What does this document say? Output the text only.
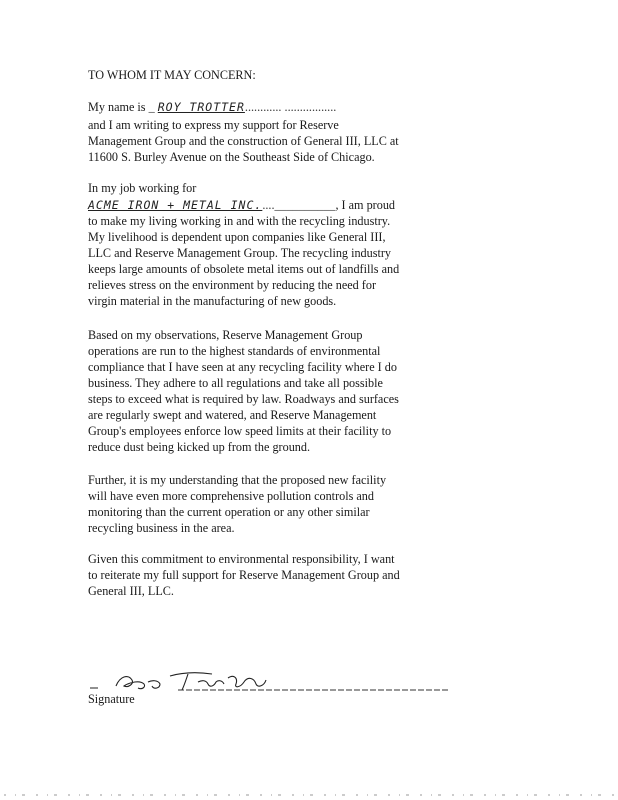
TO WHOM IT MAY CONCERN:
My name is _ ROY TROTTER............ .................
and I am writing to express my support for Reserve
Management Group and the construction of General III, LLC at
11600 S. Burley Avenue on the Southeast Side of Chicago.
In my job working for
ACME IRON + METAL INC.....__________, I am proud
to make my living working in and with the recycling industry.
My livelihood is dependent upon companies like General III,
LLC and Reserve Management Group. The recycling industry
keeps large amounts of obsolete metal items out of landfills and
relieves stress on the environment by reducing the need for
virgin material in the manufacturing of new goods.
Based on my observations, Reserve Management Group
operations are run to the highest standards of environmental
compliance that I have seen at any recycling facility where I do
business. They adhere to all regulations and take all possible
steps to exceed what is required by law. Roadways and surfaces
are regularly swept and watered, and Reserve Management
Group's employees enforce low speed limits at their facility to
reduce dust being kicked up from the ground.
Further, it is my understanding that the proposed new facility
will have even more comprehensive pollution controls and
monitoring than the current operation or any other similar
recycling business in the area.
Given this commitment to environmental responsibility, I want
to reiterate my full support for Reserve Management Group and
General III, LLC.
Signature
